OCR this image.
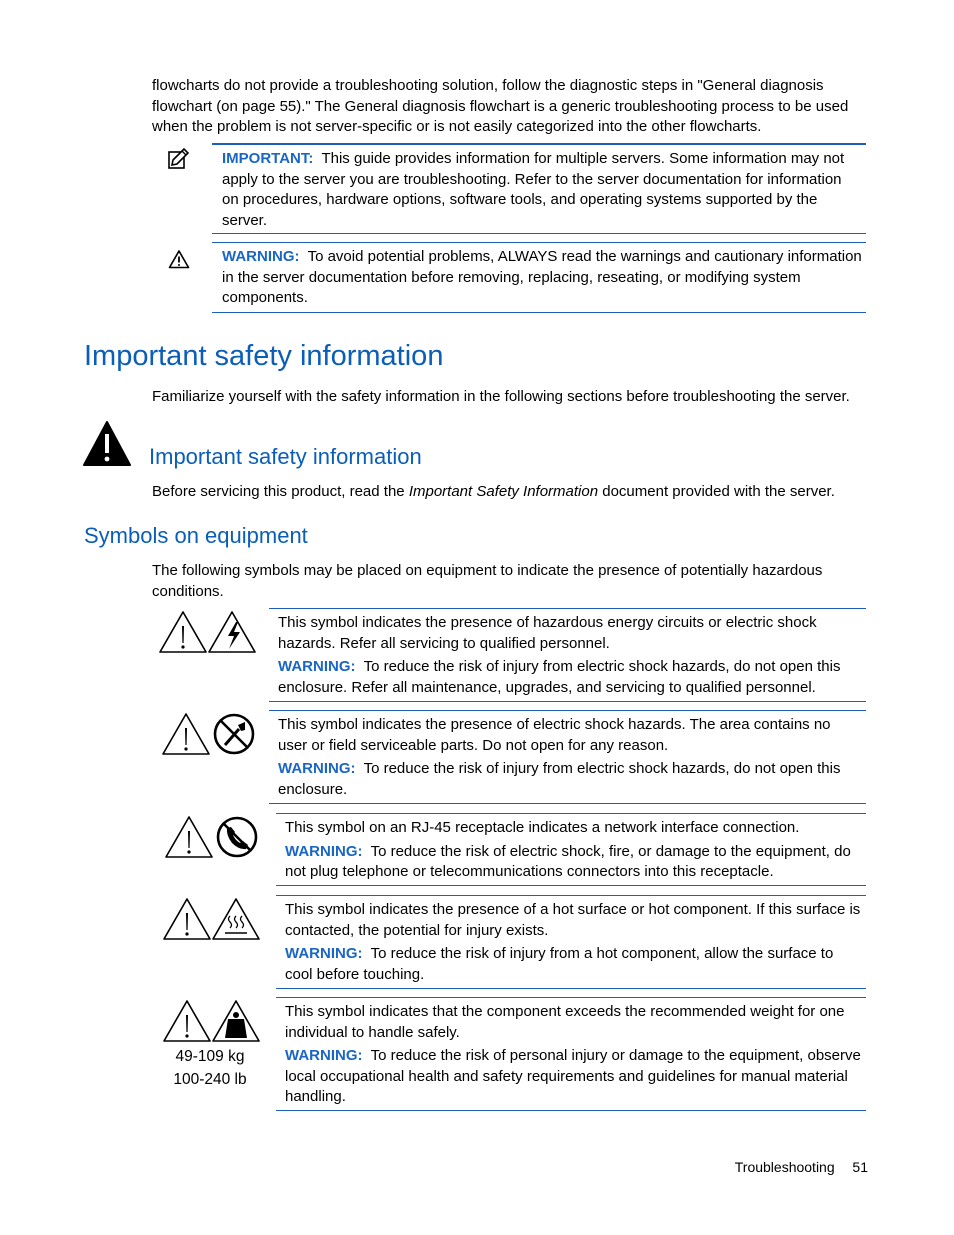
flowcharts do not provide a troubleshooting solution, follow the diagnostic steps in "General diagnosis flowchart (on page 55)." The General diagnosis flowchart is a generic troubleshooting process to be used when the problem is not server-specific or is not easily categorized into the other flowcharts.
IMPORTANT: This guide provides information for multiple servers. Some information may not apply to the server you are troubleshooting. Refer to the server documentation for information on procedures, hardware options, software tools, and operating systems supported by the server.
WARNING: To avoid potential problems, ALWAYS read the warnings and cautionary information in the server documentation before removing, replacing, reseating, or modifying system components.
Important safety information
Familiarize yourself with the safety information in the following sections before troubleshooting the server.
Important safety information
Before servicing this product, read the Important Safety Information document provided with the server.
Symbols on equipment
The following symbols may be placed on equipment to indicate the presence of potentially hazardous conditions.
This symbol indicates the presence of hazardous energy circuits or electric shock hazards. Refer all servicing to qualified personnel.
WARNING: To reduce the risk of injury from electric shock hazards, do not open this enclosure. Refer all maintenance, upgrades, and servicing to qualified personnel.
This symbol indicates the presence of electric shock hazards. The area contains no user or field serviceable parts. Do not open for any reason.
WARNING: To reduce the risk of injury from electric shock hazards, do not open this enclosure.
This symbol on an RJ-45 receptacle indicates a network interface connection.
WARNING: To reduce the risk of electric shock, fire, or damage to the equipment, do not plug telephone or telecommunications connectors into this receptacle.
This symbol indicates the presence of a hot surface or hot component. If this surface is contacted, the potential for injury exists.
WARNING: To reduce the risk of injury from a hot component, allow the surface to cool before touching.
49-109 kg
100-240 lb
This symbol indicates that the component exceeds the recommended weight for one individual to handle safely.
WARNING: To reduce the risk of personal injury or damage to the equipment, observe local occupational health and safety requirements and guidelines for manual material handling.
Troubleshooting 51
